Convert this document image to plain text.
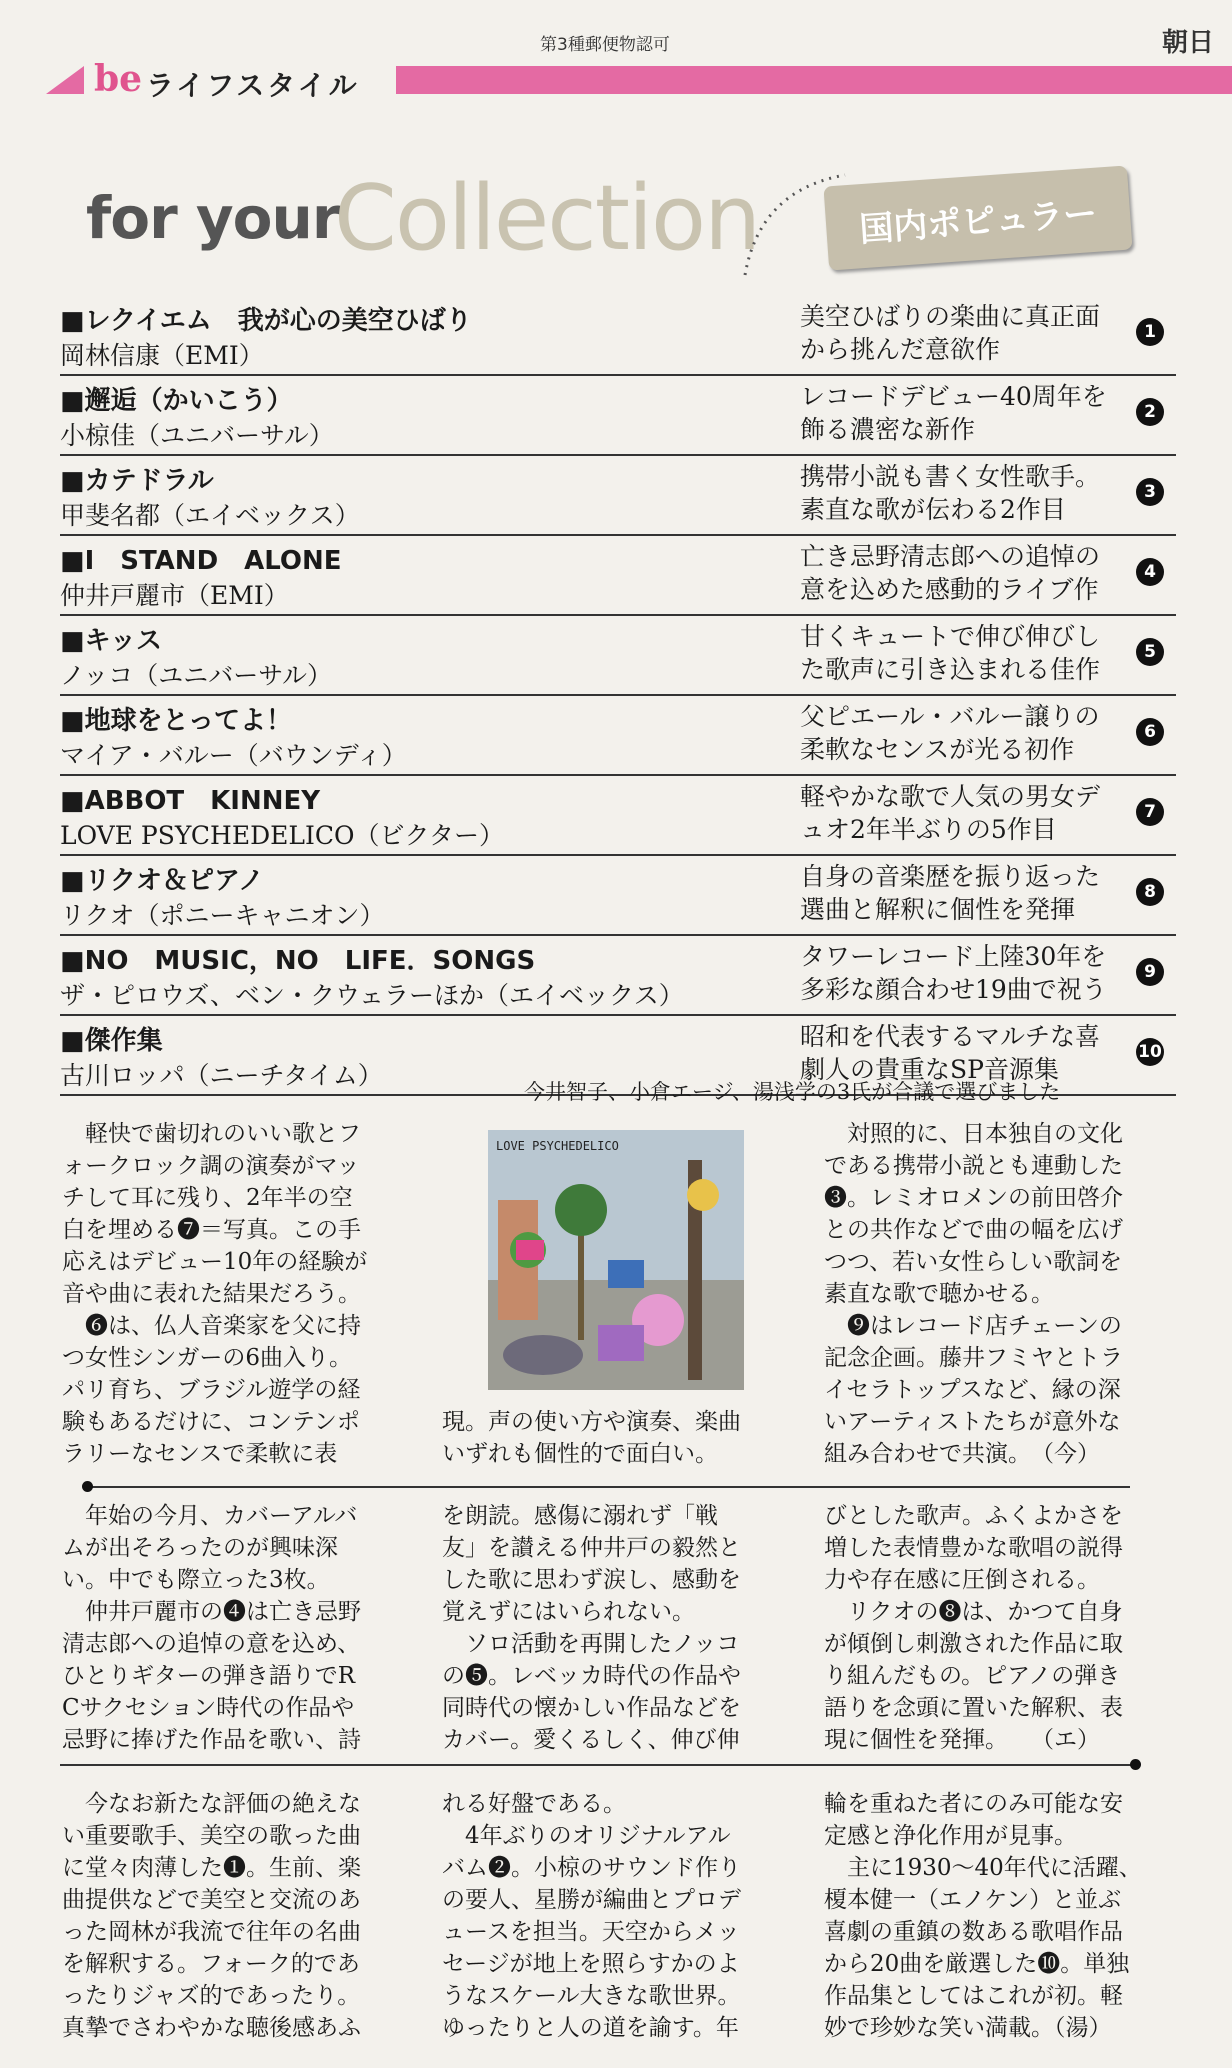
第3種郵便物認可	朝日
be ライフスタイル
for your
Collection	国内ポピュラー
■レクイエム　我が心の美空ひばり
岡林信康（EMI）
美空ひばりの楽曲に真正面
から挑んだ意欲作
1
■邂逅（かいこう）
小椋佳（ユニバーサル）
レコードデビュー40周年を
飾る濃密な新作
2
■カテドラル
甲斐名都（エイベックス）
携帯小説も書く女性歌手。
素直な歌が伝わる2作目
3
■I　STAND　ALONE
仲井戸麗市（EMI）
亡き忌野清志郎への追悼の
意を込めた感動的ライブ作
4
■キッス
ノッコ（ユニバーサル）
甘くキュートで伸び伸びし
た歌声に引き込まれる佳作
5
■地球をとってよ！
マイア・バルー（バウンディ）
父ピエール・バルー譲りの
柔軟なセンスが光る初作
6
■ABBOT　KINNEY
LOVE PSYCHEDELICO（ビクター）
軽やかな歌で人気の男女デ
ュオ2年半ぶりの5作目
7
■リクオ＆ピアノ
リクオ（ポニーキャニオン）
自身の音楽歴を振り返った
選曲と解釈に個性を発揮
8
■NO　MUSIC，NO　LIFE．SONGS
ザ・ピロウズ、ベン・クウェラーほか（エイベックス）
タワーレコード上陸30年を
多彩な顔合わせ19曲で祝う
9
■傑作集
古川ロッパ（ニーチタイム）
昭和を代表するマルチな喜
劇人の貴重なSP音源集
10
今井智子、小倉エージ、湯浅学の3氏が合議で選びました
　軽快で歯切れのいい歌とフ
ォークロック調の演奏がマッ
チして耳に残り、2年半の空
白を埋める❼＝写真。この手
応えはデビュー10年の経験が
音や曲に表れた結果だろう。
　❻は、仏人音楽家を父に持
つ女性シンガーの6曲入り。
パリ育ち、ブラジル遊学の経
験もあるだけに、コンテンポ
ラリーなセンスで柔軟に表
LOVE PSYCHEDELICO
現。声の使い方や演奏、楽曲
いずれも個性的で面白い。
　対照的に、日本独自の文化
である携帯小説とも連動した
❸。レミオロメンの前田啓介
との共作などで曲の幅を広げ
つつ、若い女性らしい歌詞を
素直な歌で聴かせる。
　❾はレコード店チェーンの
記念企画。藤井フミヤとトラ
イセラトップスなど、縁の深
いアーティストたちが意外な
組み合わせで共演。　（今）
　年始の今月、カバーアルバ
ムが出そろったのが興味深
い。中でも際立った3枚。
　仲井戸麗市の❹は亡き忌野
清志郎への追悼の意を込め、
ひとりギターの弾き語りでR
Cサクセション時代の作品や
忌野に捧げた作品を歌い、詩
を朗読。感傷に溺れず「戦
友」を讃える仲井戸の毅然と
した歌に思わず涙し、感動を
覚えずにはいられない。
　ソロ活動を再開したノッコ
の❺。レベッカ時代の作品や
同時代の懐かしい作品などを
カバー。愛くるしく、伸び伸
びとした歌声。ふくよかさを
増した表情豊かな歌唱の説得
力や存在感に圧倒される。
　リクオの❽は、かつて自身
が傾倒し刺激された作品に取
り組んだもの。ピアノの弾き
語りを念頭に置いた解釈、表
現に個性を発揮。　　（エ）
　今なお新たな評価の絶えな
い重要歌手、美空の歌った曲
に堂々肉薄した❶。生前、楽
曲提供などで美空と交流のあ
った岡林が我流で往年の名曲
を解釈する。フォーク的であ
ったりジャズ的であったり。
真摯でさわやかな聴後感あふ
れる好盤である。
　4年ぶりのオリジナルアル
バム❷。小椋のサウンド作り
の要人、星勝が編曲とプロデ
ュースを担当。天空からメッ
セージが地上を照らすかのよ
うなスケール大きな歌世界。
ゆったりと人の道を諭す。年
輪を重ねた者にのみ可能な安
定感と浄化作用が見事。
　主に1930～40年代に活躍、
榎本健一（エノケン）と並ぶ
喜劇の重鎮の数ある歌唱作品
から20曲を厳選した❿。単独
作品集としてはこれが初。軽
妙で珍妙な笑い満載。（湯）
